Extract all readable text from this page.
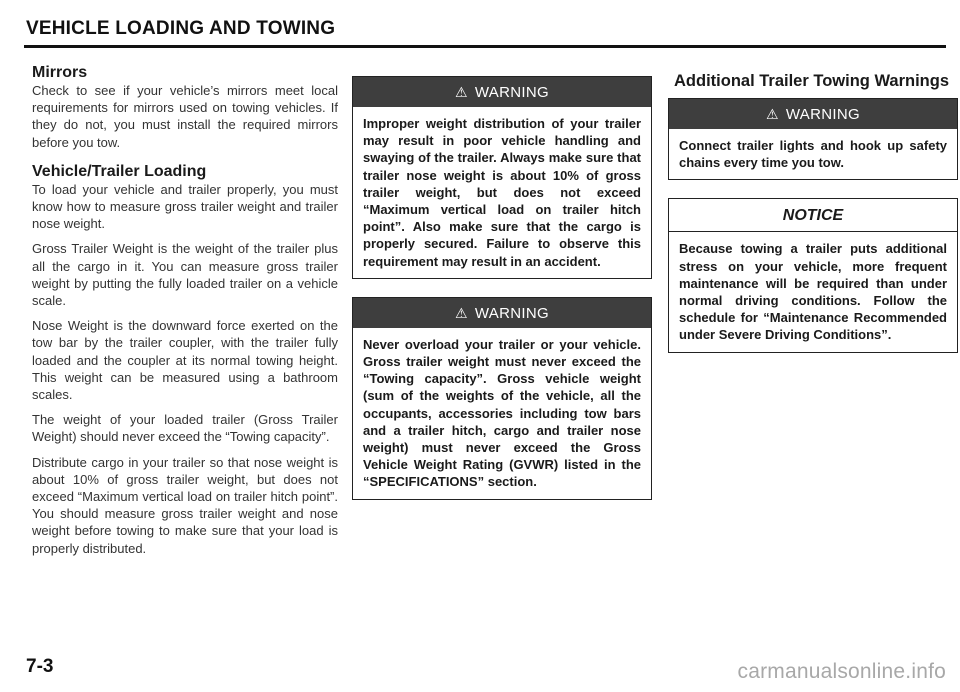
VEHICLE LOADING AND TOWING
Mirrors

Check to see if your vehicle’s mirrors meet local requirements for mirrors used on towing vehicles. If they do not, you must install the required mirrors before you tow.

Vehicle/Trailer Loading

To load your vehicle and trailer properly, you must know how to measure gross trailer weight and trailer nose weight.

Gross Trailer Weight is the weight of the trailer plus all the cargo in it. You can measure gross trailer weight by putting the fully loaded trailer on a vehicle scale.

Nose Weight is the downward force exerted on the tow bar by the trailer coupler, with the trailer fully loaded and the coupler at its normal towing height. This weight can be measured using a bathroom scales.

The weight of your loaded trailer (Gross Trailer Weight) should never exceed the “Towing capacity”.

Distribute cargo in your trailer so that nose weight is about 10% of gross trailer weight, but does not exceed “Maximum vertical load on trailer hitch point”. You should measure gross trailer weight and nose weight before towing to make sure that your load is properly distributed.

⚠ WARNING
Improper weight distribution of your trailer may result in poor vehicle handling and swaying of the trailer. Always make sure that trailer nose weight is about 10% of gross trailer weight, but does not exceed “Maximum vertical load on trailer hitch point”. Also make sure that the cargo is properly secured. Failure to observe this requirement may result in an accident.
⚠ WARNING
Never overload your trailer or your vehicle. Gross trailer weight must never exceed the “Towing capacity”. Gross vehicle weight (sum of the weights of the vehicle, all the occupants, accessories including tow bars and a trailer hitch, cargo and trailer nose weight) must never exceed the Gross Vehicle Weight Rating (GVWR) listed in the “SPECIFICATIONS” section.
Additional Trailer Towing Warnings
⚠ WARNING
Connect trailer lights and hook up safety chains every time you tow.
NOTICE
Because towing a trailer puts additional stress on your vehicle, more frequent maintenance will be required than under normal driving conditions. Follow the schedule for “Maintenance Recommended under Severe Driving Conditions”.
7-3	carmanualsonline.info
